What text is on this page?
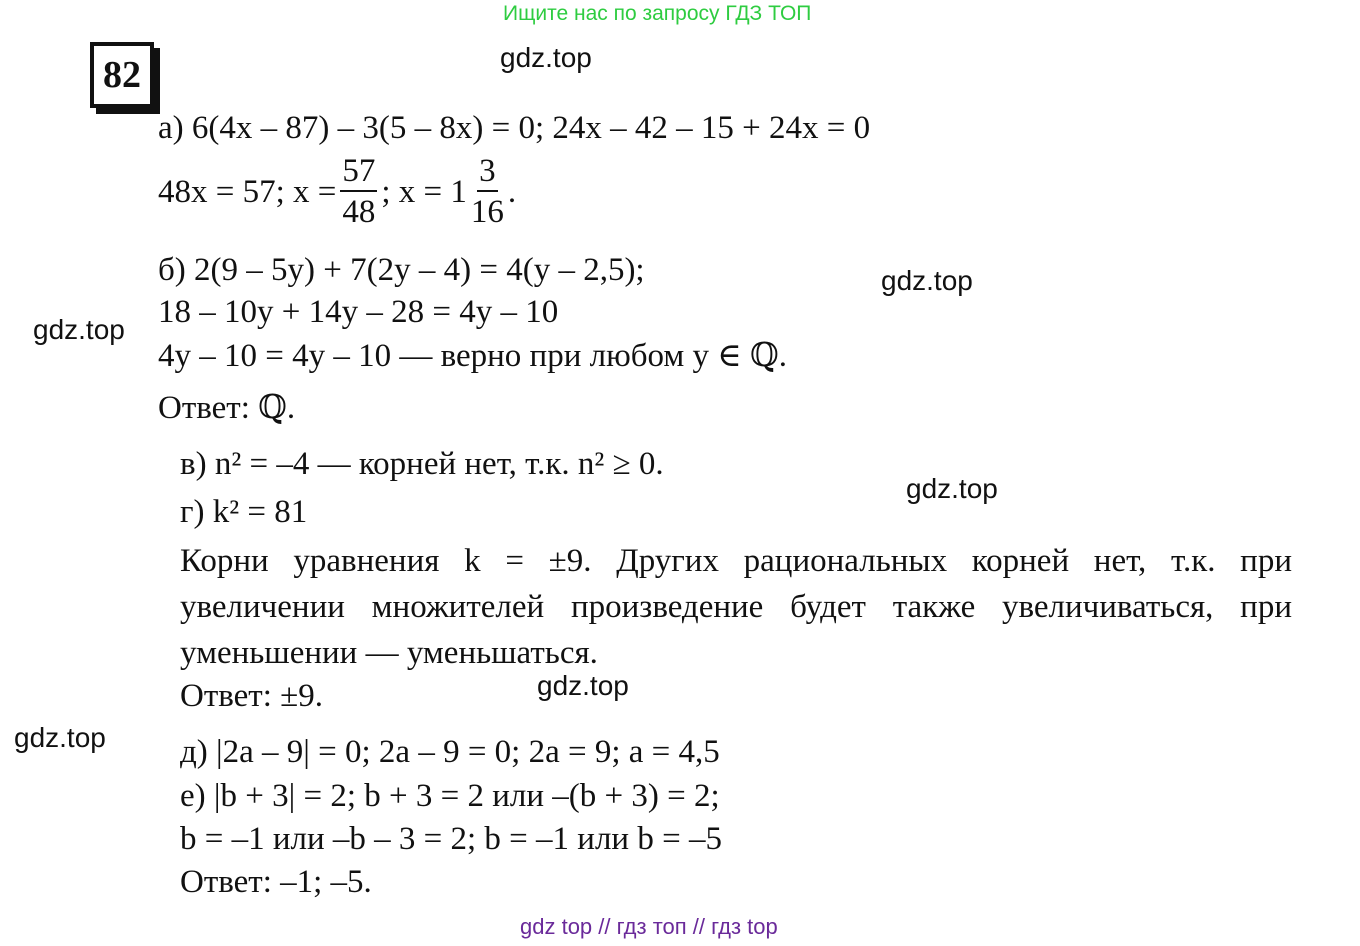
Ищите нас по запросу ГДЗ ТОП
82	gdz.top
gdz.top
gdz.top
gdz.top
gdz.top
gdz.top
а) 6(4x – 87) – 3(5 – 8x) = 0; 24x – 42 – 15 + 24x = 0
48x = 57; $x = \frac{57}{48}$ ; $x = 1 \frac{3}{16}$ .
б) 2(9 – 5y) + 7(2y – 4) = 4(y – 2,5);
18 – 10y + 14y – 28 = 4y – 10
4y – 10 = 4y – 10 — верно при любом y ∈ ℚ.
Ответ: ℚ.
в) n² = –4 — корней нет, т.к. n² ≥ 0.
г) k² = 81
Корни уравнения k = ±9. Других рациональных корней нет, т.к. при увеличении множителей произведение будет также увеличиваться, при уменьшении — уменьшаться.
Ответ: ±9.
д) |2a – 9| = 0; 2a – 9 = 0; 2a = 9; a = 4,5
е) |b + 3| = 2; b + 3 = 2 или –(b + 3) = 2;
b = –1 или –b – 3 = 2; b = –1 или b = –5
Ответ: –1; –5.
gdz top // гдз топ // гдз top
